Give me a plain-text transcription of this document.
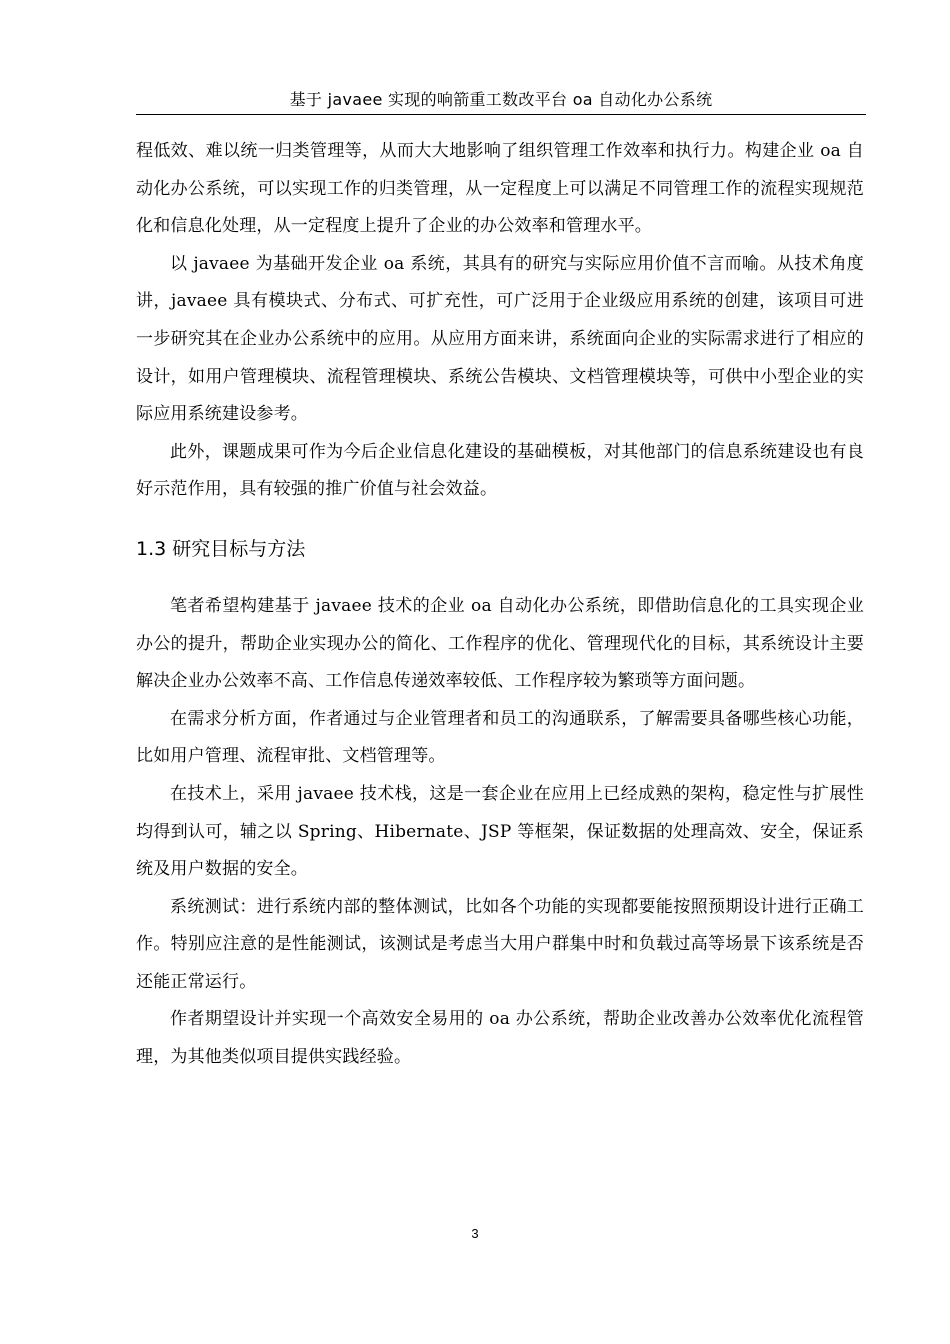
基于 javaee 实现的响箭重工数改平台 oa 自动化办公系统

程低效、难以统一归类管理等，从而大大地影响了组织管理工作效率和执行力。构建企业 oa 自动化办公系统，可以实现工作的归类管理，从一定程度上可以满足不同管理工作的流程实现规范化和信息化处理，从一定程度上提升了企业的办公效率和管理水平。

以 javaee 为基础开发企业 oa 系统，其具有的研究与实际应用价值不言而喻。从技术角度讲，javaee 具有模块式、分布式、可扩充性，可广泛用于企业级应用系统的创建，该项目可进一步研究其在企业办公系统中的应用。从应用方面来讲，系统面向企业的实际需求进行了相应的设计，如用户管理模块、流程管理模块、系统公告模块、文档管理模块等，可供中小型企业的实际应用系统建设参考。

此外，课题成果可作为今后企业信息化建设的基础模板，对其他部门的信息系统建设也有良好示范作用，具有较强的推广价值与社会效益。

1.3 研究目标与方法

笔者希望构建基于 javaee 技术的企业 oa 自动化办公系统，即借助信息化的工具实现企业办公的提升，帮助企业实现办公的简化、工作程序的优化、管理现代化的目标，其系统设计主要解决企业办公效率不高、工作信息传递效率较低、工作程序较为繁琐等方面问题。

在需求分析方面，作者通过与企业管理者和员工的沟通联系，了解需要具备哪些核心功能，比如用户管理、流程审批、文档管理等。

在技术上，采用 javaee 技术栈，这是一套企业在应用上已经成熟的架构，稳定性与扩展性均得到认可，辅之以 Spring、Hibernate、JSP 等框架，保证数据的处理高效、安全，保证系统及用户数据的安全。

系统测试：进行系统内部的整体测试，比如各个功能的实现都要能按照预期设计进行正确工作。特别应注意的是性能测试，该测试是考虑当大用户群集中时和负载过高等场景下该系统是否还能正常运行。

作者期望设计并实现一个高效安全易用的 oa 办公系统，帮助企业改善办公效率优化流程管理，为其他类似项目提供实践经验。

3
